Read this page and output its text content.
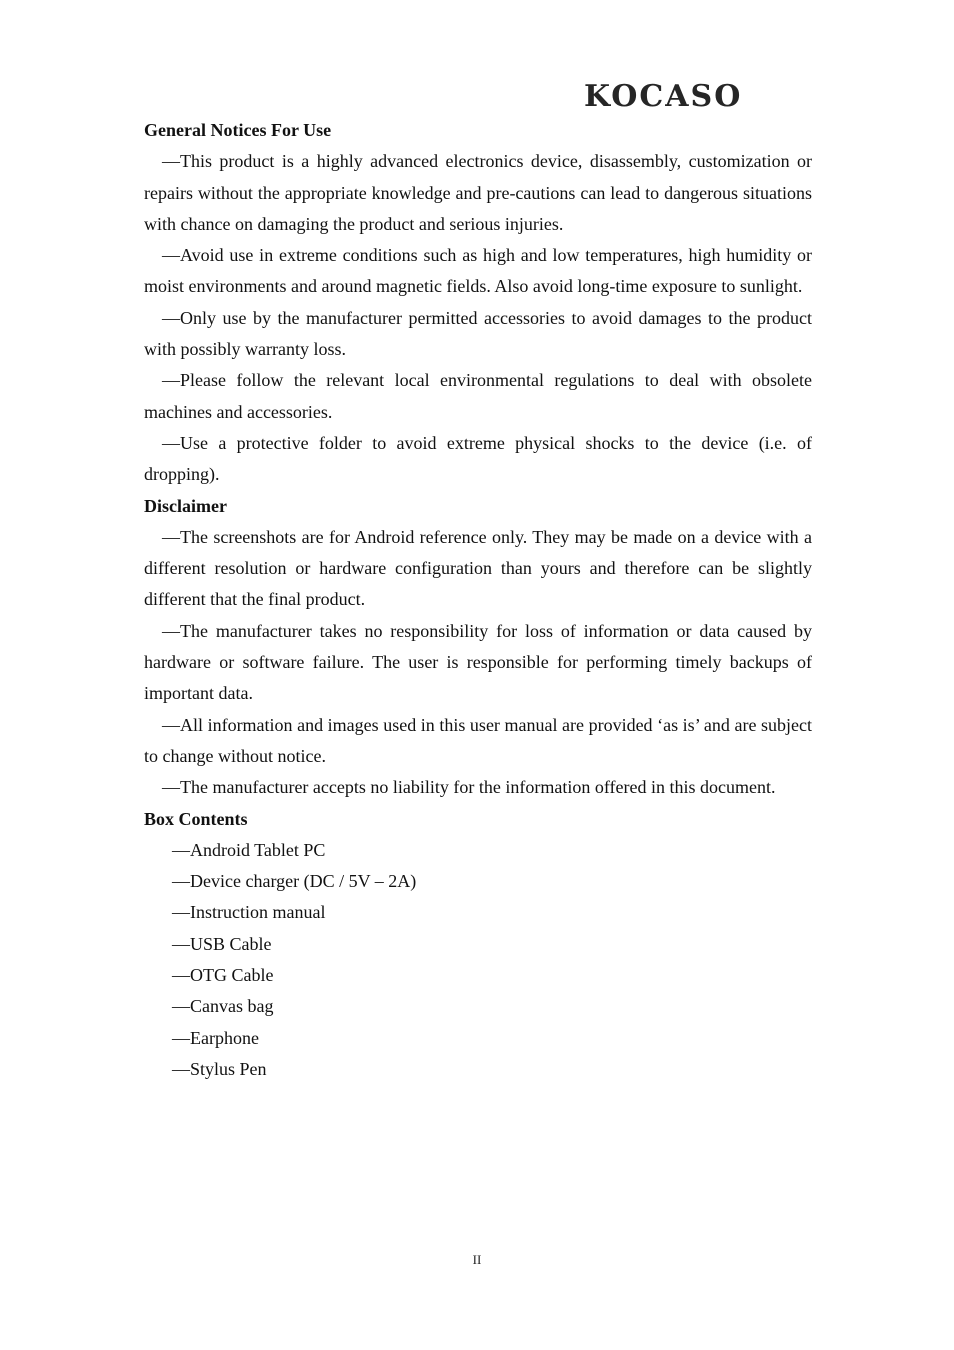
KOCASO

General Notices For Use

—This product is a highly advanced electronics device, disassembly, customization or repairs without the appropriate knowledge and pre-cautions can lead to dangerous situations with chance on damaging the product and serious injuries.

—Avoid use in extreme conditions such as high and low temperatures, high humidity or moist environments and around magnetic fields. Also avoid long-time exposure to sunlight.

—Only use by the manufacturer permitted accessories to avoid damages to the product with possibly warranty loss.

—Please follow the relevant local environmental regulations to deal with obsolete machines and accessories.

—Use a protective folder to avoid extreme physical shocks to the device (i.e. of dropping).

Disclaimer

—The screenshots are for Android reference only. They may be made on a device with a different resolution or hardware configuration than yours and therefore can be slightly different that the final product.

—The manufacturer takes no responsibility for loss of information or data caused by hardware or software failure. The user is responsible for performing timely backups of important data.

—All information and images used in this user manual are provided ‘as is’ and are subject to change without notice.

—The manufacturer accepts no liability for the information offered in this document.

Box Contents

—Android Tablet PC
—Device charger (DC / 5V – 2A)
—Instruction manual
—USB Cable
—OTG Cable
—Canvas bag
—Earphone
—Stylus Pen
II
